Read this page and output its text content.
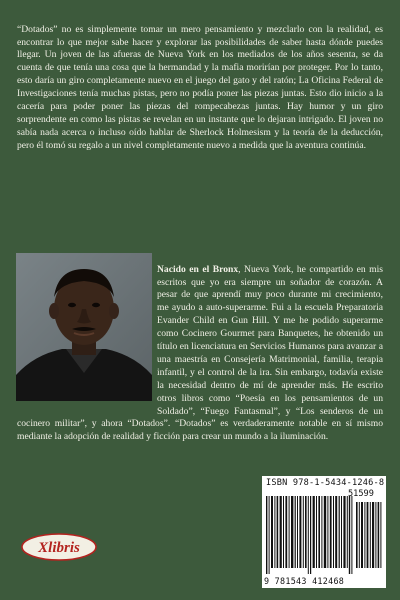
“Dotados” no es simplemente tomar un mero pensamiento y mezclarlo con la realidad, es encontrar lo que mejor sabe hacer y explorar las posibilidades de saber hasta dónde puedes llegar. Un joven de las afueras de Nueva York en los mediados de los años sesenta, se da cuenta de que tenía una cosa que la hermandad y la mafia morirían por proteger. Por lo tanto, esto daría un giro completamente nuevo en el juego del gato y del ratón; La Oficina Federal de Investigaciones tenía muchas pistas, pero no podía poner las piezas juntas. Esto dio inicio a la cacería para poder poner las piezas del rompecabezas juntas. Hay humor y un giro sorprendente en como las pistas se revelan en un instante que lo dejaran intrigado. El joven no sabía nada acerca o incluso oído hablar de Sherlock Holmesism y la teoría de la deducción, pero él tomó su regalo a un nivel completamente nuevo a medida que la aventura continúa.

Nacido en el Bronx, Nueva York, he compartido en mis escritos que yo era siempre un soñador de corazón. A pesar de que aprendí muy poco durante mi crecimiento, me ayudo a auto-superarme. Fui a la escuela Preparatoria Evander Child en Gun Hill. Y me he podido superarme como Cocinero Gourmet para Banquetes, he obtenido un título en licenciatura en Servicios Humanos para avanzar a una maestría en Consejería Matrimonial, familia, terapia infantil, y el control de la ira. Sin embargo, todavía existe la necesidad dentro de mí de aprender más. He escrito otros libros como “Poesía en los pensamientos de un Soldado”, “Fuego Fantasmal”, y “Los senderos de un cocinero militar”, y ahora “Dotados”. “Dotados” es verdaderamente notable en sí mismo mediante la adopción de realidad y ficción para crear un mundo a la iluminación.

Xlibris
ISBN 978-1-5434-1246-8
51599
9 781543 412468
